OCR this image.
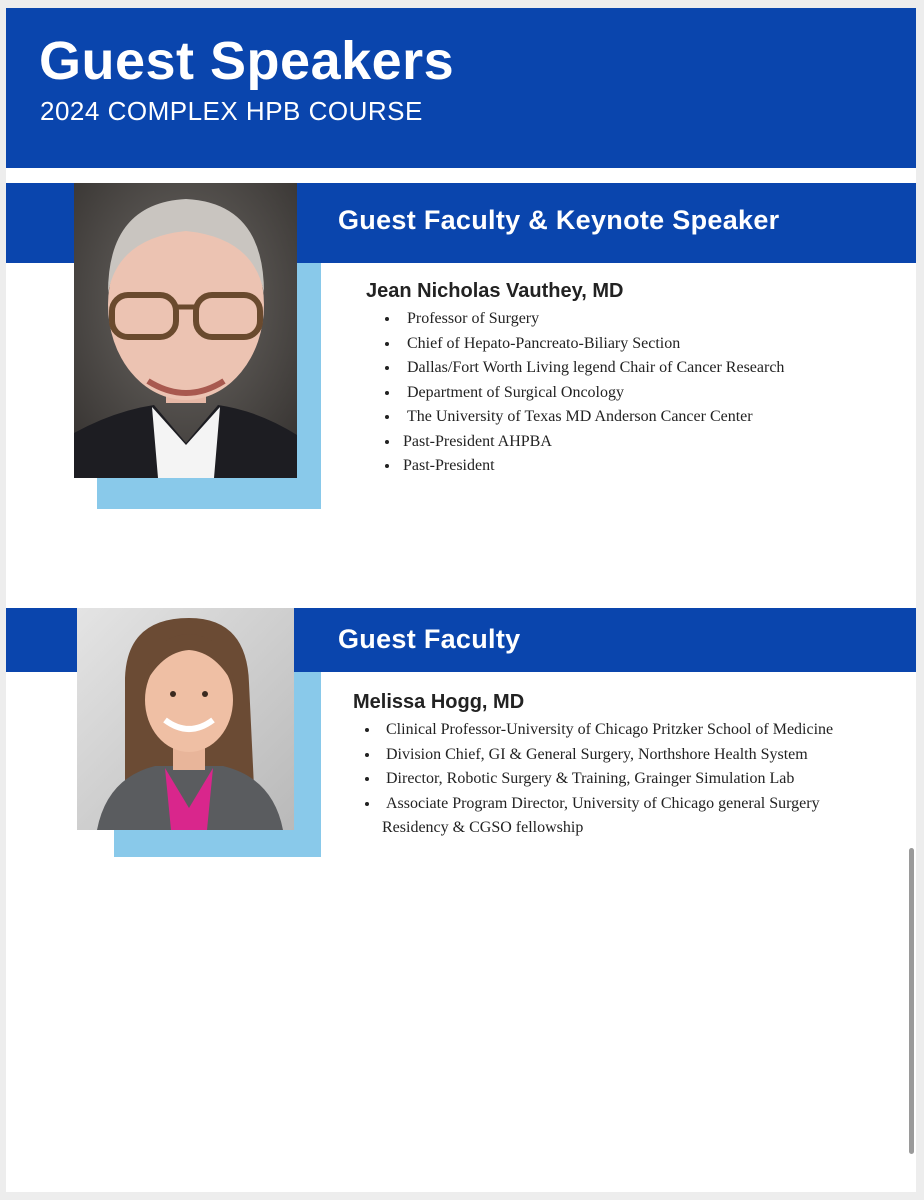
Guest Speakers
2024 COMPLEX HPB COURSE
Guest Faculty & Keynote Speaker
Jean Nicholas Vauthey, MD
Professor of Surgery
Chief of Hepato-Pancreato-Biliary Section
Dallas/Fort Worth Living legend Chair of Cancer Research
Department of Surgical Oncology
The University of Texas MD Anderson Cancer Center
Past-President AHPBA
Past-President
Guest Faculty
Melissa Hogg, MD
Clinical Professor-University of Chicago Pritzker School of Medicine
Division Chief, GI & General Surgery, Northshore Health System
Director, Robotic Surgery & Training, Grainger Simulation Lab
Associate Program Director, University of Chicago general Surgery
Residency & CGSO fellowship
